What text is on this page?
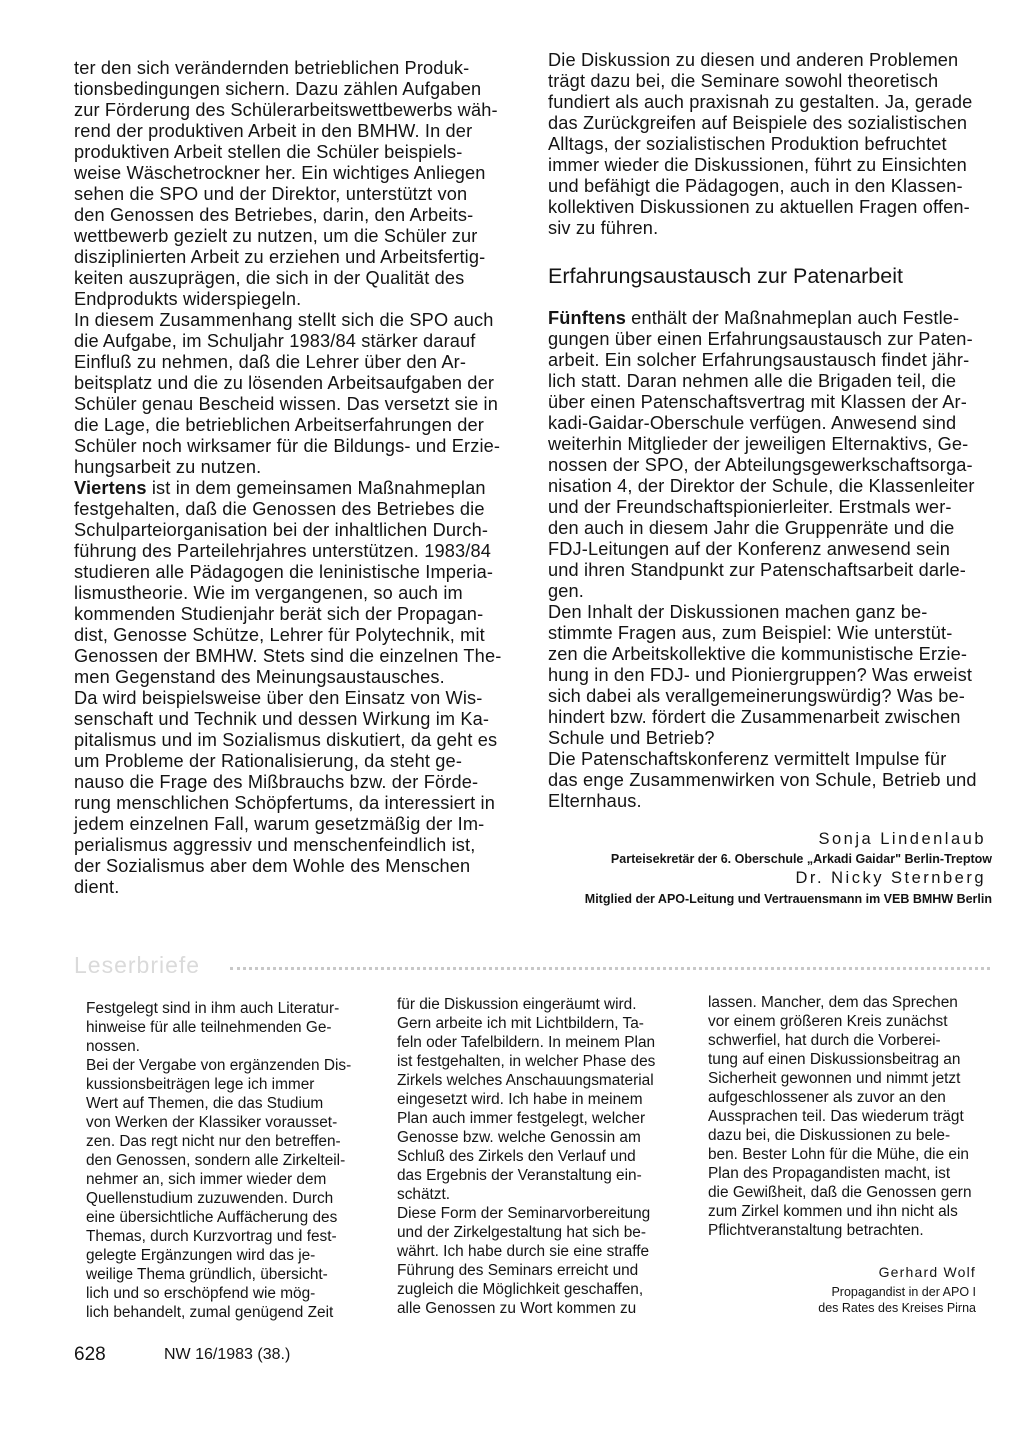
ter den sich verändernden betrieblichen Produk-
tionsbedingungen sichern. Dazu zählen Aufgaben
zur Förderung des Schülerarbeitswettbewerbs wäh-
rend der produktiven Arbeit in den BMHW. In der
produktiven Arbeit stellen die Schüler beispiels-
weise Wäschetrockner her. Ein wichtiges Anliegen
sehen die SPO und der Direktor, unterstützt von
den Genossen des Betriebes, darin, den Arbeits-
wettbewerb gezielt zu nutzen, um die Schüler zur
disziplinierten Arbeit zu erziehen und Arbeitsfertig-
keiten auszuprägen, die sich in der Qualität des
Endprodukts widerspiegeln.
In diesem Zusammenhang stellt sich die SPO auch
die Aufgabe, im Schuljahr 1983/84 stärker darauf
Einfluß zu nehmen, daß die Lehrer über den Ar-
beitsplatz und die zu lösenden Arbeitsaufgaben der
Schüler genau Bescheid wissen. Das versetzt sie in
die Lage, die betrieblichen Arbeitserfahrungen der
Schüler noch wirksamer für die Bildungs- und Erzie-
hungsarbeit zu nutzen.
Viertens ist in dem gemeinsamen Maßnahmeplan
festgehalten, daß die Genossen des Betriebes die
Schulparteiorganisation bei der inhaltlichen Durch-
führung des Parteilehrjahres unterstützen. 1983/84
studieren alle Pädagogen die leninistische Imperia-
lismustheorie. Wie im vergangenen, so auch im
kommenden Studienjahr berät sich der Propagan-
dist, Genosse Schütze, Lehrer für Polytechnik, mit
Genossen der BMHW. Stets sind die einzelnen The-
men Gegenstand des Meinungsaustausches.
Da wird beispielsweise über den Einsatz von Wis-
senschaft und Technik und dessen Wirkung im Ka-
pitalismus und im Sozialismus diskutiert, da geht es
um Probleme der Rationalisierung, da steht ge-
nauso die Frage des Mißbrauchs bzw. der Förde-
rung menschlichen Schöpfertums, da interessiert in
jedem einzelnen Fall, warum gesetzmäßig der Im-
perialismus aggressiv und menschenfeindlich ist,
der Sozialismus aber dem Wohle des Menschen
dient.
Die Diskussion zu diesen und anderen Problemen
trägt dazu bei, die Seminare sowohl theoretisch
fundiert als auch praxisnah zu gestalten. Ja, gerade
das Zurückgreifen auf Beispiele des sozialistischen
Alltags, der sozialistischen Produktion befruchtet
immer wieder die Diskussionen, führt zu Einsichten
und befähigt die Pädagogen, auch in den Klassen-
kollektiven Diskussionen zu aktuellen Fragen offen-
siv zu führen.
Erfahrungsaustausch zur Patenarbeit
Fünftens enthält der Maßnahmeplan auch Festle-
gungen über einen Erfahrungsaustausch zur Paten-
arbeit. Ein solcher Erfahrungsaustausch findet jähr-
lich statt. Daran nehmen alle die Brigaden teil, die
über einen Patenschaftsvertrag mit Klassen der Ar-
kadi-Gaidar-Oberschule verfügen. Anwesend sind
weiterhin Mitglieder der jeweiligen Elternaktivs, Ge-
nossen der SPO, der Abteilungsgewerkschaftsorga-
nisation 4, der Direktor der Schule, die Klassenleiter
und der Freundschaftspionierleiter. Erstmals wer-
den auch in diesem Jahr die Gruppenräte und die
FDJ-Leitungen auf der Konferenz anwesend sein
und ihren Standpunkt zur Patenschaftsarbeit darle-
gen.
Den Inhalt der Diskussionen machen ganz be-
stimmte Fragen aus, zum Beispiel: Wie unterstüt-
zen die Arbeitskollektive die kommunistische Erzie-
hung in den FDJ- und Pioniergruppen? Was erweist
sich dabei als verallgemeinerungswürdig? Was be-
hindert bzw. fördert die Zusammenarbeit zwischen
Schule und Betrieb?
Die Patenschaftskonferenz vermittelt Impulse für
das enge Zusammenwirken von Schule, Betrieb und
Elternhaus.
Sonja Lindenlaub
Parteisekretär der 6. Oberschule „Arkadi Gaidar" Berlin-Treptow
Dr. Nicky Sternberg
Mitglied der APO-Leitung und Vertrauensmann im VEB BMHW Berlin
Leserbriefe
Festgelegt sind in ihm auch Literatur-
hinweise für alle teilnehmenden Ge-
nossen.
Bei der Vergabe von ergänzenden Dis-
kussionsbeiträgen lege ich immer
Wert auf Themen, die das Studium
von Werken der Klassiker vorausset-
zen. Das regt nicht nur den betreffen-
den Genossen, sondern alle Zirkelteil-
nehmer an, sich immer wieder dem
Quellenstudium zuzuwenden. Durch
eine übersichtliche Auffächerung des
Themas, durch Kurzvortrag und fest-
gelegte Ergänzungen wird das je-
weilige Thema gründlich, übersicht-
lich und so erschöpfend wie mög-
lich behandelt, zumal genügend Zeit
für die Diskussion eingeräumt wird.
Gern arbeite ich mit Lichtbildern, Ta-
feln oder Tafelbildern. In meinem Plan
ist festgehalten, in welcher Phase des
Zirkels welches Anschauungsmaterial
eingesetzt wird. Ich habe in meinem
Plan auch immer festgelegt, welcher
Genosse bzw. welche Genossin am
Schluß des Zirkels den Verlauf und
das Ergebnis der Veranstaltung ein-
schätzt.
Diese Form der Seminarvorbereitung
und der Zirkelgestaltung hat sich be-
währt. Ich habe durch sie eine straffe
Führung des Seminars erreicht und
zugleich die Möglichkeit geschaffen,
alle Genossen zu Wort kommen zu
lassen. Mancher, dem das Sprechen
vor einem größeren Kreis zunächst
schwerfiel, hat durch die Vorberei-
tung auf einen Diskussionsbeitrag an
Sicherheit gewonnen und nimmt jetzt
aufgeschlossener als zuvor an den
Aussprachen teil. Das wiederum trägt
dazu bei, die Diskussionen zu bele-
ben. Bester Lohn für die Mühe, die ein
Plan des Propagandisten macht, ist
die Gewißheit, daß die Genossen gern
zum Zirkel kommen und ihn nicht als
Pflichtveranstaltung betrachten.
Gerhard Wolf
Propagandist in der APO I
des Rates des Kreises Pirna
628	NW 16/1983 (38.)
